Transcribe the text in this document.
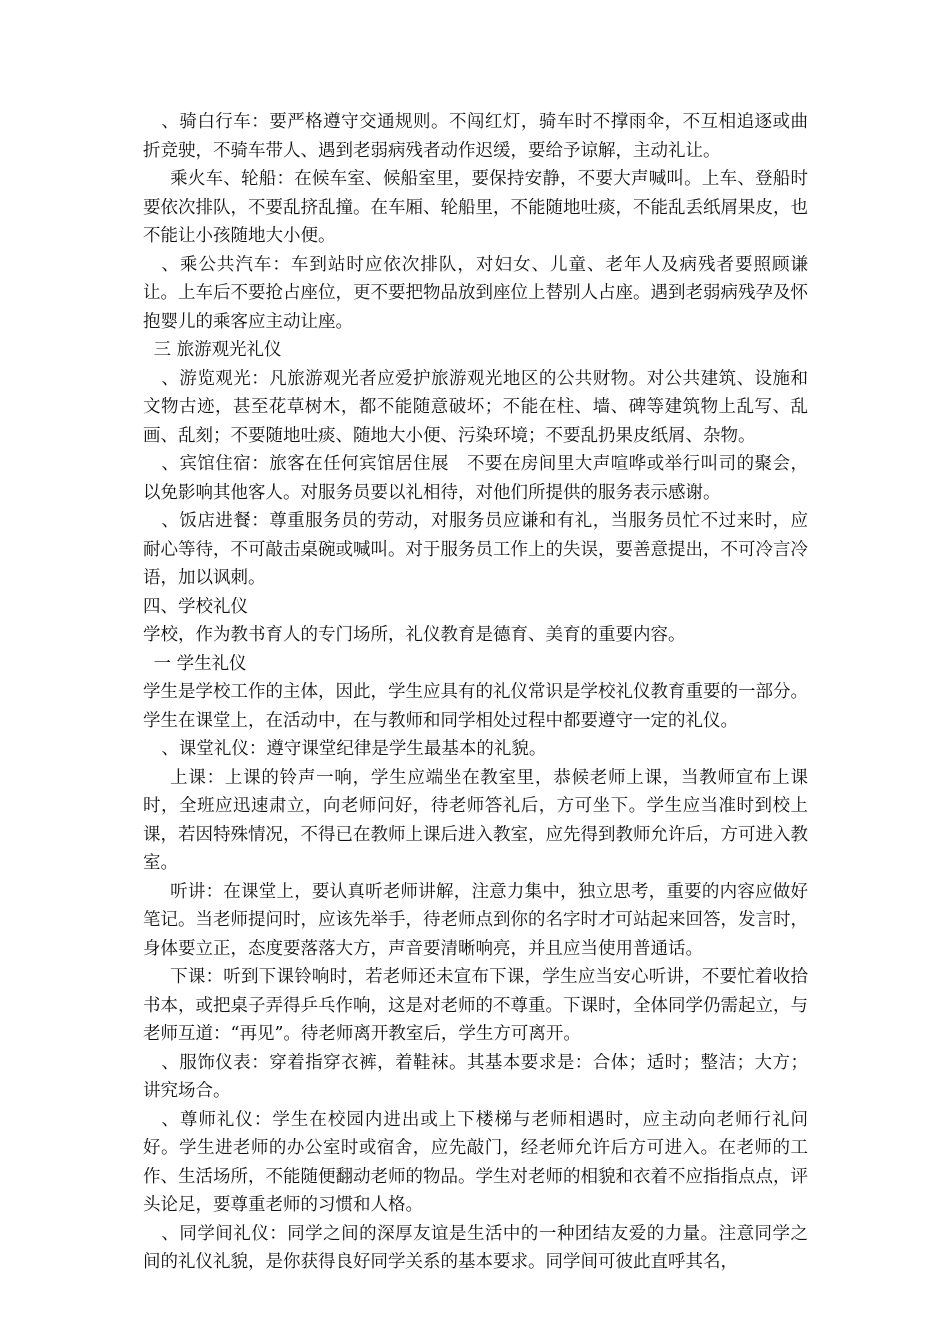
、骑白行车：要严格遵守交通规则。不闯红灯，骑车时不撑雨伞，不互相追逐或曲折竞驶，不骑车带人、遇到老弱病残者动作迟缓，要给予谅解，主动礼让。

乘火车、轮船：在候车室、候船室里，要保持安静，不要大声喊叫。上车、登船时要依次排队，不要乱挤乱撞。在车厢、轮船里，不能随地吐痰，不能乱丢纸屑果皮，也不能让小孩随地大小便。

、乘公共汽车：车到站时应依次排队，对妇女、儿童、老年人及病残者要照顾谦让。上车后不要抢占座位，更不要把物品放到座位上替别人占座。遇到老弱病残孕及怀抱婴儿的乘客应主动让座。

三 旅游观光礼仪

、游览观光：凡旅游观光者应爱护旅游观光地区的公共财物。对公共建筑、设施和文物古迹，甚至花草树木，都不能随意破坏；不能在柱、墙、碑等建筑物上乱写、乱画、乱刻；不要随地吐痰、随地大小便、污染环境；不要乱扔果皮纸屑、杂物。

、宾馆住宿：旅客在任何宾馆居住展　不要在房间里大声喧哗或举行叫司的聚会，以免影响其他客人。对服务员要以礼相待，对他们所提供的服务表示感谢。

、饭店进餐：尊重服务员的劳动，对服务员应谦和有礼，当服务员忙不过来时，应耐心等待，不可敲击桌碗或喊叫。对于服务员工作上的失误，要善意提出，不可冷言冷语，加以讽刺。

四、学校礼仪

学校，作为教书育人的专门场所，礼仪教育是德育、美育的重要内容。

一 学生礼仪

学生是学校工作的主体，因此，学生应具有的礼仪常识是学校礼仪教育重要的一部分。学生在课堂上，在活动中，在与教师和同学相处过程中都要遵守一定的礼仪。

、课堂礼仪：遵守课堂纪律是学生最基本的礼貌。

上课：上课的铃声一响，学生应端坐在教室里，恭候老师上课，当教师宣布上课时，全班应迅速肃立，向老师问好，待老师答礼后，方可坐下。学生应当准时到校上课，若因特殊情况，不得已在教师上课后进入教室，应先得到教师允许后，方可进入教室。

听讲：在课堂上，要认真听老师讲解，注意力集中，独立思考，重要的内容应做好笔记。当老师提问时，应该先举手，待老师点到你的名字时才可站起来回答，发言时，身体要立正，态度要落落大方，声音要清晰响亮，并且应当使用普通话。

下课：听到下课铃响时，若老师还未宣布下课，学生应当安心听讲，不要忙着收拾书本，或把桌子弄得乒乓作响，这是对老师的不尊重。下课时，全体同学仍需起立，与老师互道：“再见”。待老师离开教室后，学生方可离开。

、服饰仪表：穿着指穿衣裤，着鞋袜。其基本要求是：合体；适时；整洁；大方；讲究场合。

、尊师礼仪：学生在校园内进出或上下楼梯与老师相遇时，应主动向老师行礼问好。学生进老师的办公室时或宿舍，应先敲门，经老师允许后方可进入。在老师的工作、生活场所，不能随便翻动老师的物品。学生对老师的相貌和衣着不应指指点点，评头论足，要尊重老师的习惯和人格。

、同学间礼仪：同学之间的深厚友谊是生活中的一种团结友爱的力量。注意同学之间的礼仪礼貌，是你获得良好同学关系的基本要求。同学间可彼此直呼其名，
